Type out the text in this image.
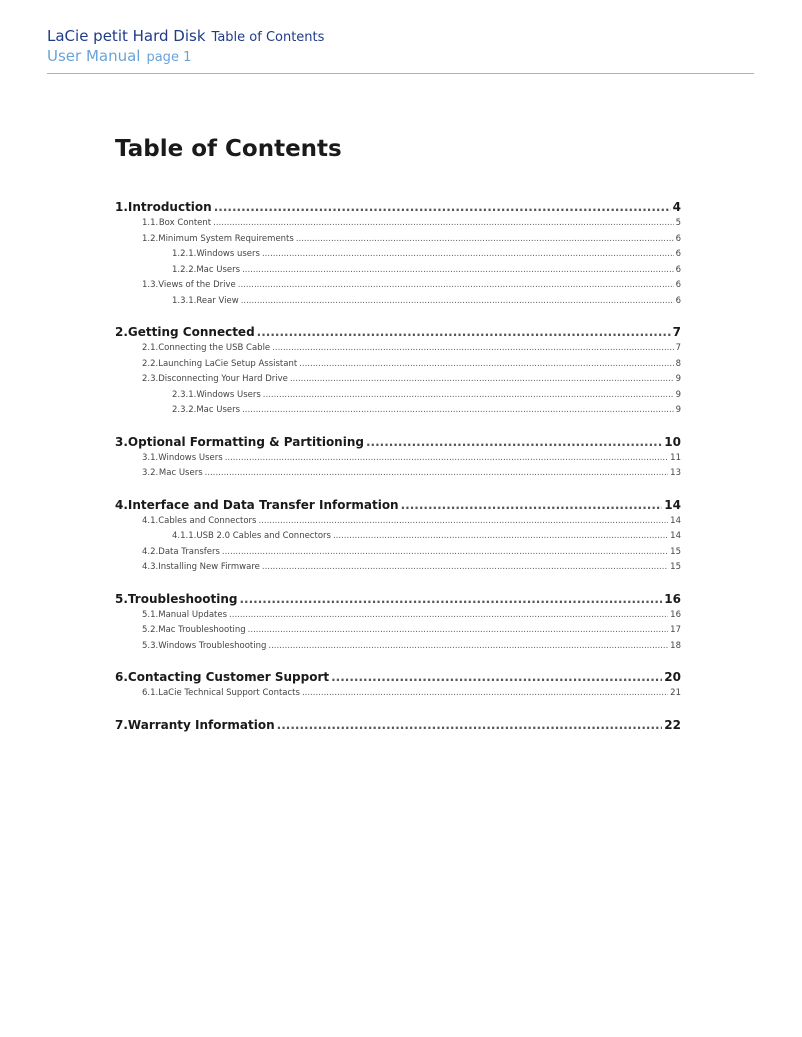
LaCie petit Hard Disk Table of Contents
User Manual page 1
Table of Contents
1. Introduction .....	4
1.1. Box Content .....	5
1.2. Minimum System Requirements .....	6
1.2.1. Windows users .....	6
1.2.2. Mac Users .....	6
1.3. Views of the Drive .....	6
1.3.1. Rear View .....	6
2. Getting Connected .....	7
2.1. Connecting the USB Cable .....	7
2.2. Launching LaCie Setup Assistant .....	8
2.3. Disconnecting Your Hard Drive .....	9
2.3.1. Windows Users .....	9
2.3.2. Mac Users .....	9
3. Optional Formatting & Partitioning .....	10
3.1. Windows Users .....	11
3.2. Mac Users .....	13
4. Interface and Data Transfer Information .....	14
4.1. Cables and Connectors .....	14
4.1.1. USB 2.0 Cables and Connectors .....	14
4.2. Data Transfers .....	15
4.3. Installing New Firmware .....	15
5. Troubleshooting .....	16
5.1. Manual Updates .....	16
5.2. Mac Troubleshooting .....	17
5.3. Windows Troubleshooting .....	18
6. Contacting Customer Support .....	20
6.1. LaCie Technical Support Contacts .....	21
7. Warranty Information .....	22
